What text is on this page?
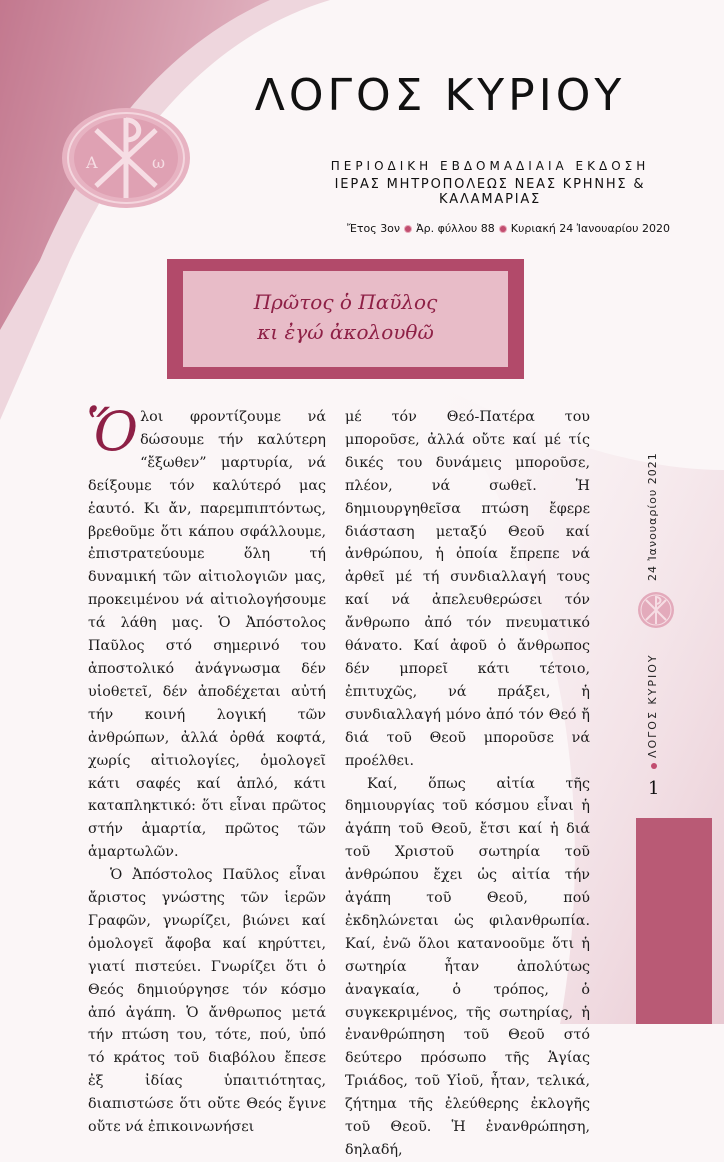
A	ω
ΛΟΓΟΣ ΚΥΡΙΟΥ
ΠΕΡΙΟΔΙΚΗ ΕΒΔΟΜΑΔΙΑΙΑ ΕΚΔΟΣΗ
ΙΕΡΑΣ ΜΗΤΡΟΠΟΛΕΩΣ ΝΕΑΣ ΚΡΗΝΗΣ & ΚΑΛΑΜΑΡΙΑΣ
Ἔτος 3ον Ἀρ. φύλλου 88 Κυριακή 24 Ἰανουαρίου 2020
Πρῶτος ὁ Παῦλος
κι ἐγώ ἀκολουθῶ

Ὅλοι φροντίζουμε νά δώσουμε τήν καλύτερη “ἔξωθεν” μαρτυρία, νά δείξουμε τόν καλύτερό μας ἑαυτό. Κι ἄν, παρεμπιπτόντως, βρεθοῦμε ὅτι κάπου σφάλλουμε, ἐπιστρατεύουμε ὅλη τή δυναμική τῶν αἰτιολογιῶν μας, προκειμένου νά αἰτιολογήσουμε τά λάθη μας. Ὁ Ἀπόστολος Παῦλος στό σημερινό του ἀποστολικό ἀνάγνωσμα δέν υἱοθετεῖ, δέν ἀποδέχεται αὐτή τήν κοινή λογική τῶν ἀνθρώπων, ἀλλά ὀρθά κοφτά, χωρίς αἰτιολογίες, ὁμολογεῖ κάτι σαφές καί ἁπλό, κάτι καταπληκτικό: ὅτι εἶναι πρῶτος στήν ἁμαρτία, πρῶτος τῶν ἁμαρτωλῶν.

Ὁ Ἀπόστολος Παῦλος εἶναι ἄριστος γνώστης τῶν ἱερῶν Γραφῶν, γνωρίζει, βιώνει καί ὁμολογεῖ ἄφοβα καί κηρύττει, γιατί πιστεύει. Γνωρίζει ὅτι ὁ Θεός δημιούργησε τόν κόσμο ἀπό ἀγάπη. Ὁ ἄνθρωπος μετά τήν πτώση του, τότε, πού, ὑπό τό κράτος τοῦ διαβόλου ἔπεσε ἐξ ἰδίας ὑπαιτιότητας, διαπιστώσε ὅτι οὔτε Θεός ἔγινε οὔτε νά ἐπικοινωνήσει

μέ τόν Θεό-Πατέρα του μποροῦσε, ἀλλά οὔτε καί μέ τίς δικές του δυνάμεις μποροῦσε, πλέον, νά σωθεῖ. Ἡ δημιουργηθεῖσα πτώση ἔφερε διάσταση μεταξύ Θεοῦ καί ἀνθρώπου, ἡ ὁποία ἔπρεπε νά ἀρθεῖ μέ τή συνδιαλλαγή τους καί νά ἀπελευθερώσει τόν ἄνθρωπο ἀπό τόν πνευματικό θάνατο. Καί ἀφοῦ ὁ ἄνθρωπος δέν μπορεῖ κάτι τέτοιο, ἐπιτυχῶς, νά πράξει, ἡ συνδιαλλαγή μόνο ἀπό τόν Θεό ἤ διά τοῦ Θεοῦ μποροῦσε νά προέλθει.

Καί, ὅπως αἰτία τῆς δημιουργίας τοῦ κόσμου εἶναι ἡ ἀγάπη τοῦ Θεοῦ, ἔτσι καί ἡ διά τοῦ Χριστοῦ σωτηρία τοῦ ἀνθρώπου ἔχει ὡς αἰτία τήν ἀγάπη τοῦ Θεοῦ, πού ἐκδηλώνεται ὡς φιλανθρωπία. Καί, ἐνῶ ὅλοι κατανοοῦμε ὅτι ἡ σωτηρία ἦταν ἀπολύτως ἀναγκαία, ὁ τρόπος, ὁ συγκεκριμένος, τῆς σωτηρίας, ἡ ἐνανθρώπηση τοῦ Θεοῦ στό δεύτερο πρόσωπο τῆς Ἁγίας Τριάδος, τοῦ Υἱοῦ, ἦταν, τελικά, ζήτημα τῆς ἐλεύθερης ἐκλογῆς τοῦ Θεοῦ. Ἡ ἐνανθρώπηση, δηλαδή,

24 Ἰανουαρίου 2021
ΛΟΓΟΣ ΚΥΡΙΟΥ
1
